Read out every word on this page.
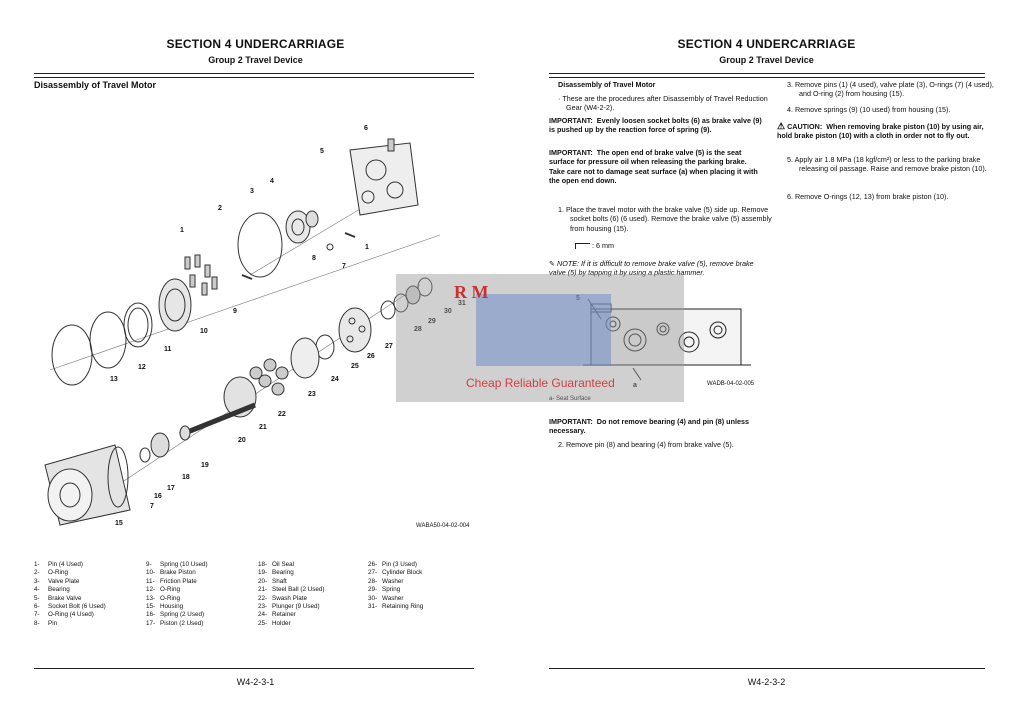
SECTION 4 UNDERCARRIAGE
Group 2 Travel Device
Disassembly of Travel Motor
6
5
4
3
2
1
8
7
1
9
10
11
12
13
31
30
29
28
27
26
25
24
23
22
21
20
19
18
17
16
7
15	WABA50-04-02-004
1- Pin (4 Used)
2- O-Ring
3- Valve Plate
4- Bearing
5- Brake Valve
6- Socket Bolt (6 Used)
7- O-Ring (4 Used)
8- Pin
9- Spring (10 Used)
10- Brake Piston
11- Friction Plate
12- O-Ring
13- O-Ring
15- Housing
16- Spring (2 Used)
17- Piston (2 Used)
18- Oil Seal
19- Bearing
20- Shaft
21- Steel Ball (2 Used)
22- Swash Plate
23- Plunger (9 Used)
24- Retainer
25- Holder
26- Pin (3 Used)
27- Cylinder Block
28- Washer
29- Spring
30- Washer
31- Retaining Ring
W4-2-3-1
SECTION 4 UNDERCARRIAGE
Group 2 Travel Device
Disassembly of Travel Motor
· These are the procedures after Disassembly of Travel Reduction Gear (W4-2-2).
IMPORTANT: Evenly loosen socket bolts (6) as brake valve (9) is pushed up by the reaction force of spring (9).
IMPORTANT: The open end of brake valve (5) is the seat surface for pressure oil when releasing the parking brake. Take care not to damage seat surface (a) when placing it with the open end down.
1. Place the travel motor with the brake valve (5) side up. Remove socket bolts (6) (6 used). Remove the brake valve (5) assembly from housing (15).
: 6 mm
✎ NOTE: If it is difficult to remove brake valve (5), remove brake valve (5) by tapping it by using a plastic hammer.
a	WADB-04-02-005
a- Seat Surface
IMPORTANT: Do not remove bearing (4) and pin (8) unless necessary.
2. Remove pin (8) and bearing (4) from brake valve (5).
3. Remove pins (1) (4 used), valve plate (3), O-rings (7) (4 used), and O-ring (2) from housing (15).
4. Remove springs (9) (10 used) from housing (15).
⚠ CAUTION: When removing brake piston (10) by using air, hold brake piston (10) with a cloth in order not to fly out.
5. Apply air 1.8 MPa (18 kgf/cm²) or less to the parking brake releasing oil passage. Raise and remove brake piston (10).
6. Remove O-rings (12, 13) from brake piston (10).
W4-2-3-2
R M
Cheap Reliable Guaranteed
